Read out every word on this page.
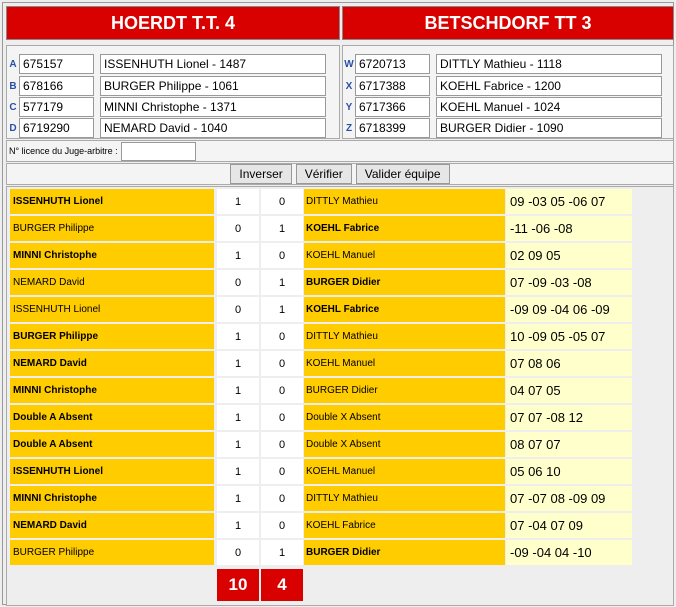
HOERDT T.T. 4	BETSCHDORF TT 3
A 675157	ISSENHUTH Lionel - 1487
B 678166	BURGER Philippe - 1061
C 577179	MINNI Christophe - 1371
D 6719290	NEMARD David - 1040
W 6720713	DITTLY Mathieu - 1118
X 6717388	KOEHL Fabrice - 1200
Y 6717366	KOEHL Manuel - 1024
Z 6718399	BURGER Didier - 1090
N° licence du Juge-arbitre :
Inverser	Vérifier	Valider équipe
ISSENHUTH Lionel	1	0	DITTLY Mathieu	09 -03 05 -06 07
BURGER Philippe	0	1	KOEHL Fabrice	-11 -06 -08
MINNI Christophe	1	0	KOEHL Manuel	02 09 05
NEMARD David	0	1	BURGER Didier	07 -09 -03 -08
ISSENHUTH Lionel	0	1	KOEHL Fabrice	-09 09 -04 06 -09
BURGER Philippe	1	0	DITTLY Mathieu	10 -09 05 -05 07
NEMARD David	1	0	KOEHL Manuel	07 08 06
MINNI Christophe	1	0	BURGER Didier	04 07 05
Double A Absent	1	0	Double X Absent	07 07 -08 12
Double A Absent	1	0	Double X Absent	08 07 07
ISSENHUTH Lionel	1	0	KOEHL Manuel	05 06 10
MINNI Christophe	1	0	DITTLY Mathieu	07 -07 08 -09 09
NEMARD David	1	0	KOEHL Fabrice	07 -04 07 09
BURGER Philippe	0	1	BURGER Didier	-09 -04 04 -10
10	4
